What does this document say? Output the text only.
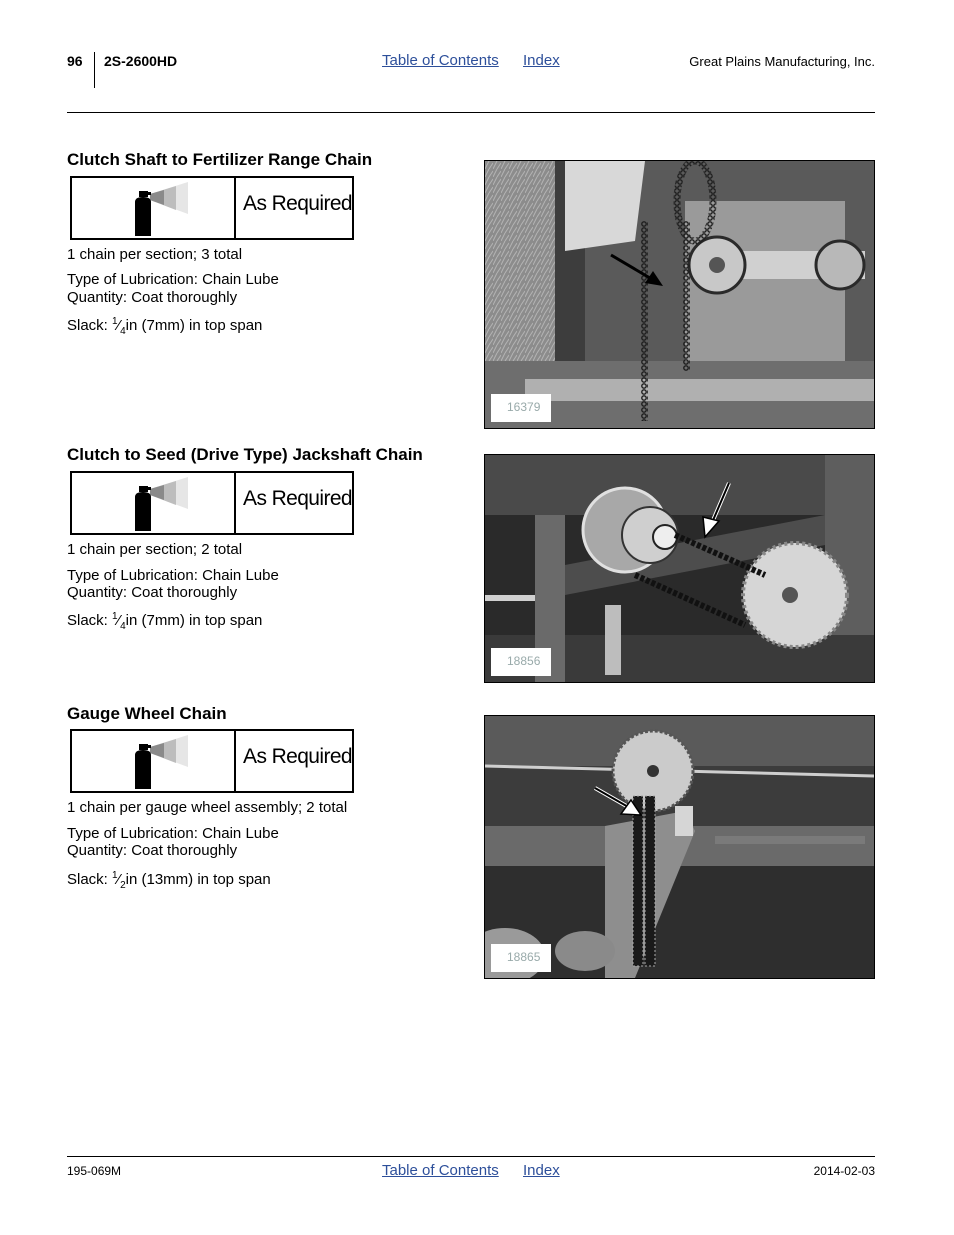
96 2S-2600HD	Table of Contents Index	Great Plains Manufacturing, Inc.
Clutch Shaft to Fertilizer Range Chain
As Required
1 chain per section; 3 total
Type of Lubrication: Chain Lube
Quantity: Coat thoroughly
Slack: $^1⁄_4in$ (7mm) in top span
16379
Clutch to Seed (Drive Type) Jackshaft Chain
As Required
1 chain per section; 2 total
Type of Lubrication: Chain Lube
Quantity: Coat thoroughly
Slack: $^1⁄_4in$ (7mm) in top span
18856
Gauge Wheel Chain
As Required
1 chain per gauge wheel assembly; 2 total
Type of Lubrication: Chain Lube
Quantity: Coat thoroughly
Slack: $^1⁄_2in$ (13mm) in top span
18865
195-069M	Table of Contents Index	2014-02-03
